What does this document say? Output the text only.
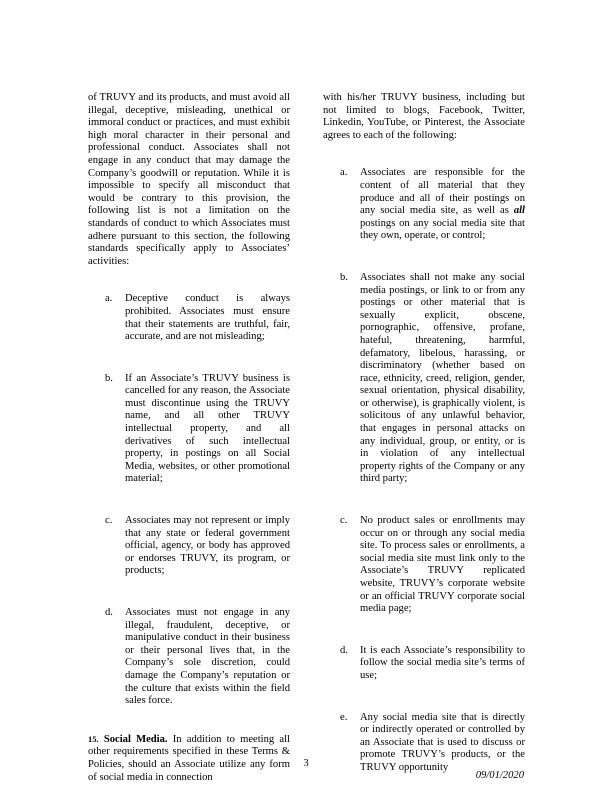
of TRUVY and its products, and must avoid all illegal, deceptive, misleading, unethical or immoral conduct or practices, and must exhibit high moral character in their personal and professional conduct. Associates shall not engage in any conduct that may damage the Company’s goodwill or reputation. While it is impossible to specify all misconduct that would be contrary to this provision, the following list is not a limitation on the standards of conduct to which Associates must adhere pursuant to this section, the following standards specifically apply to Associates’ activities:

a. Deceptive conduct is always prohibited. Associates must ensure that their statements are truthful, fair, accurate, and are not misleading;

b. If an Associate’s TRUVY business is cancelled for any reason, the Associate must discontinue using the TRUVY name, and all other TRUVY intellectual property, and all derivatives of such intellectual property, in postings on all Social Media, websites, or other promotional material;

c. Associates may not represent or imply that any state or federal government official, agency, or body has approved or endorses TRUVY, its program, or products;

d. Associates must not engage in any illegal, fraudulent, deceptive, or manipulative conduct in their business or their personal lives that, in the Company’s sole discretion, could damage the Company’s reputation or the culture that exists within the field sales force.

15. Social Media. In addition to meeting all other requirements specified in these Terms & Policies, should an Associate utilize any form of social media in connection

with his/her TRUVY business, including but not limited to blogs, Facebook, Twitter, Linkedin, YouTube, or Pinterest, the Associate agrees to each of the following:

a. Associates are responsible for the content of all material that they produce and all of their postings on any social media site, as well as all postings on any social media site that they own, operate, or control;

b. Associates shall not make any social media postings, or link to or from any postings or other material that is sexually explicit, obscene, pornographic, offensive, profane, hateful, threatening, harmful, defamatory, libelous, harassing, or discriminatory (whether based on race, ethnicity, creed, religion, gender, sexual orientation, physical disability, or otherwise), is graphically violent, is solicitous of any unlawful behavior, that engages in personal attacks on any individual, group, or entity, or is in violation of any intellectual property rights of the Company or any third party;

c. No product sales or enrollments may occur on or through any social media site. To process sales or enrollments, a social media site must link only to the Associate’s TRUVY replicated website, TRUVY’s corporate website or an official TRUVY corporate social media page;

d. It is each Associate’s responsibility to follow the social media site’s terms of use;

e. Any social media site that is directly or indirectly operated or controlled by an Associate that is used to discuss or promote TRUVY’s products, or the TRUVY opportunity

3
09/01/2020
